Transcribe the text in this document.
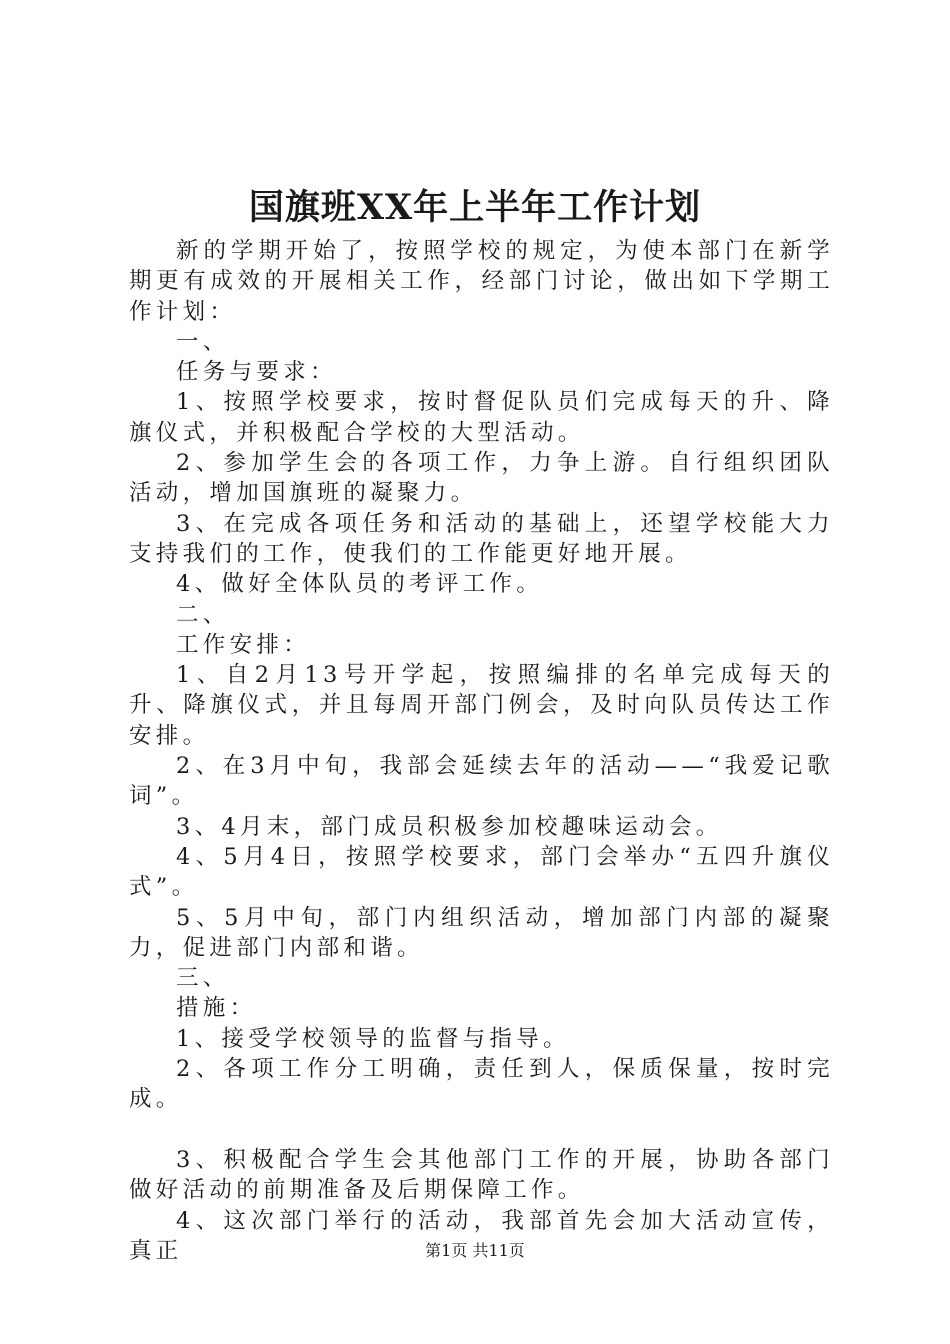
国旗班XX年上半年工作计划

新的学期开始了，按照学校的规定，为使本部门在新学期更有成效的开展相关工作，经部门讨论，做出如下学期工作计划：

一、

任务与要求：

1、按照学校要求，按时督促队员们完成每天的升、降旗仪式，并积极配合学校的大型活动。

2、参加学生会的各项工作，力争上游。自行组织团队活动，增加国旗班的凝聚力。

3、在完成各项任务和活动的基础上，还望学校能大力支持我们的工作，使我们的工作能更好地开展。

4、做好全体队员的考评工作。

二、

工作安排：

1、自2月13号开学起，按照编排的名单完成每天的升、降旗仪式，并且每周开部门例会，及时向队员传达工作安排。

2、在3月中旬，我部会延续去年的活动——“我爱记歌词”。

3、4月末，部门成员积极参加校趣味运动会。

4、5月4日，按照学校要求，部门会举办“五四升旗仪式”。

5、5月中旬，部门内组织活动，增加部门内部的凝聚力，促进部门内部和谐。

三、

措施：

1、接受学校领导的监督与指导。

2、各项工作分工明确，责任到人，保质保量，按时完成。

3、积极配合学生会其他部门工作的开展，协助各部门做好活动的前期准备及后期保障工作。

4、这次部门举行的活动，我部首先会加大活动宣传，真正	第1页 共11页
